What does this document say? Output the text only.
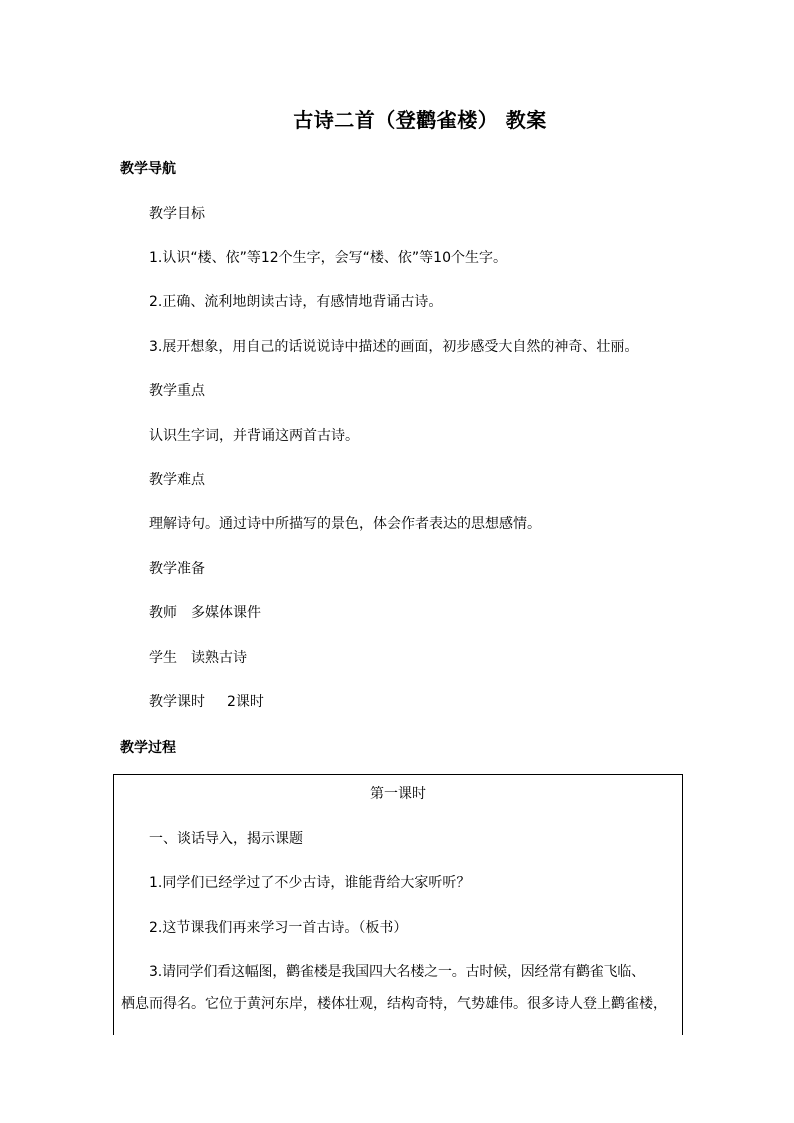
古诗二首（登鹳雀楼） 教案

教学导航

教学目标

1.认识“楼、依”等12个生字，会写“楼、依”等10个生字。

2.正确、流利地朗读古诗，有感情地背诵古诗。

3.展开想象，用自己的话说说诗中描述的画面，初步感受大自然的神奇、壮丽。

教学重点

认识生字词，并背诵这两首古诗。

教学难点

理解诗句。通过诗中所描写的景色，体会作者表达的思想感情。

教学准备

教师 多媒体课件

学生 读熟古诗

教学课时 2课时

教学过程

第一课时

一、谈话导入，揭示课题

1.同学们已经学过了不少古诗，谁能背给大家听听？

2.这节课我们再来学习一首古诗。（板书）

3.请同学们看这幅图，鹳雀楼是我国四大名楼之一。古时候，因经常有鹳雀飞临、

栖息而得名。它位于黄河东岸，楼体壮观，结构奇特，气势雄伟。很多诗人登上鹳雀楼，
